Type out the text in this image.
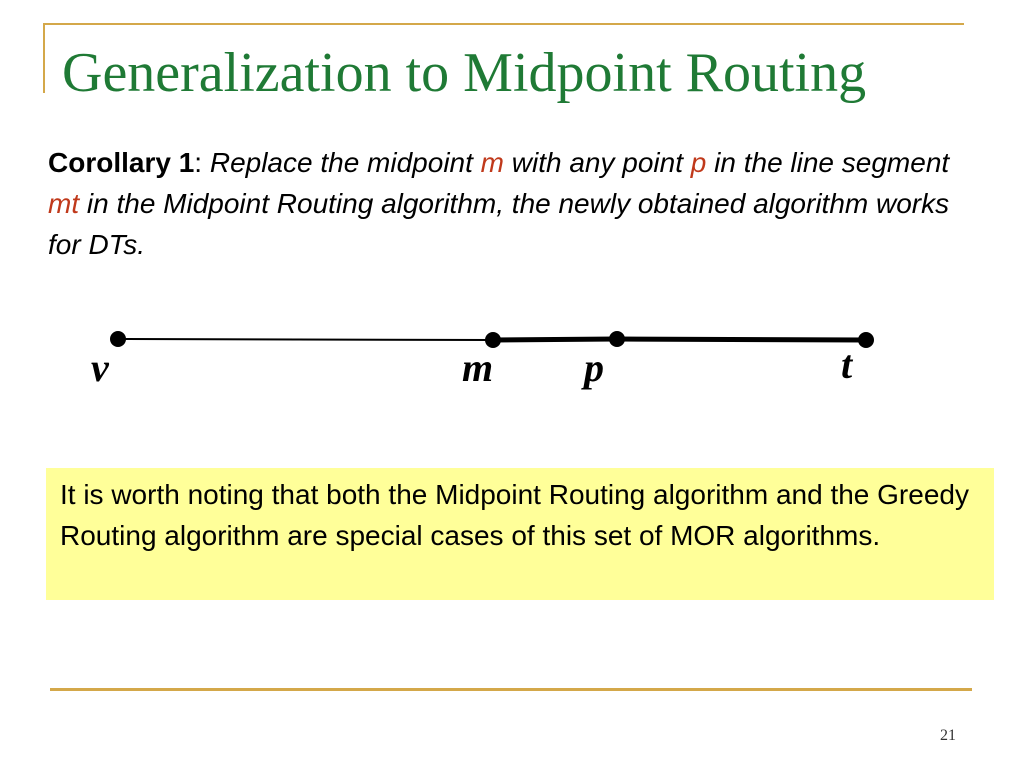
Generalization to Midpoint Routing
Corollary 1: Replace the midpoint m with any point p in the line segment mt in the Midpoint Routing algorithm, the newly obtained algorithm works for DTs.
v	m p	t
It is worth noting that both the Midpoint Routing algorithm and the Greedy Routing algorithm are special cases of this set of MOR algorithms.
21
